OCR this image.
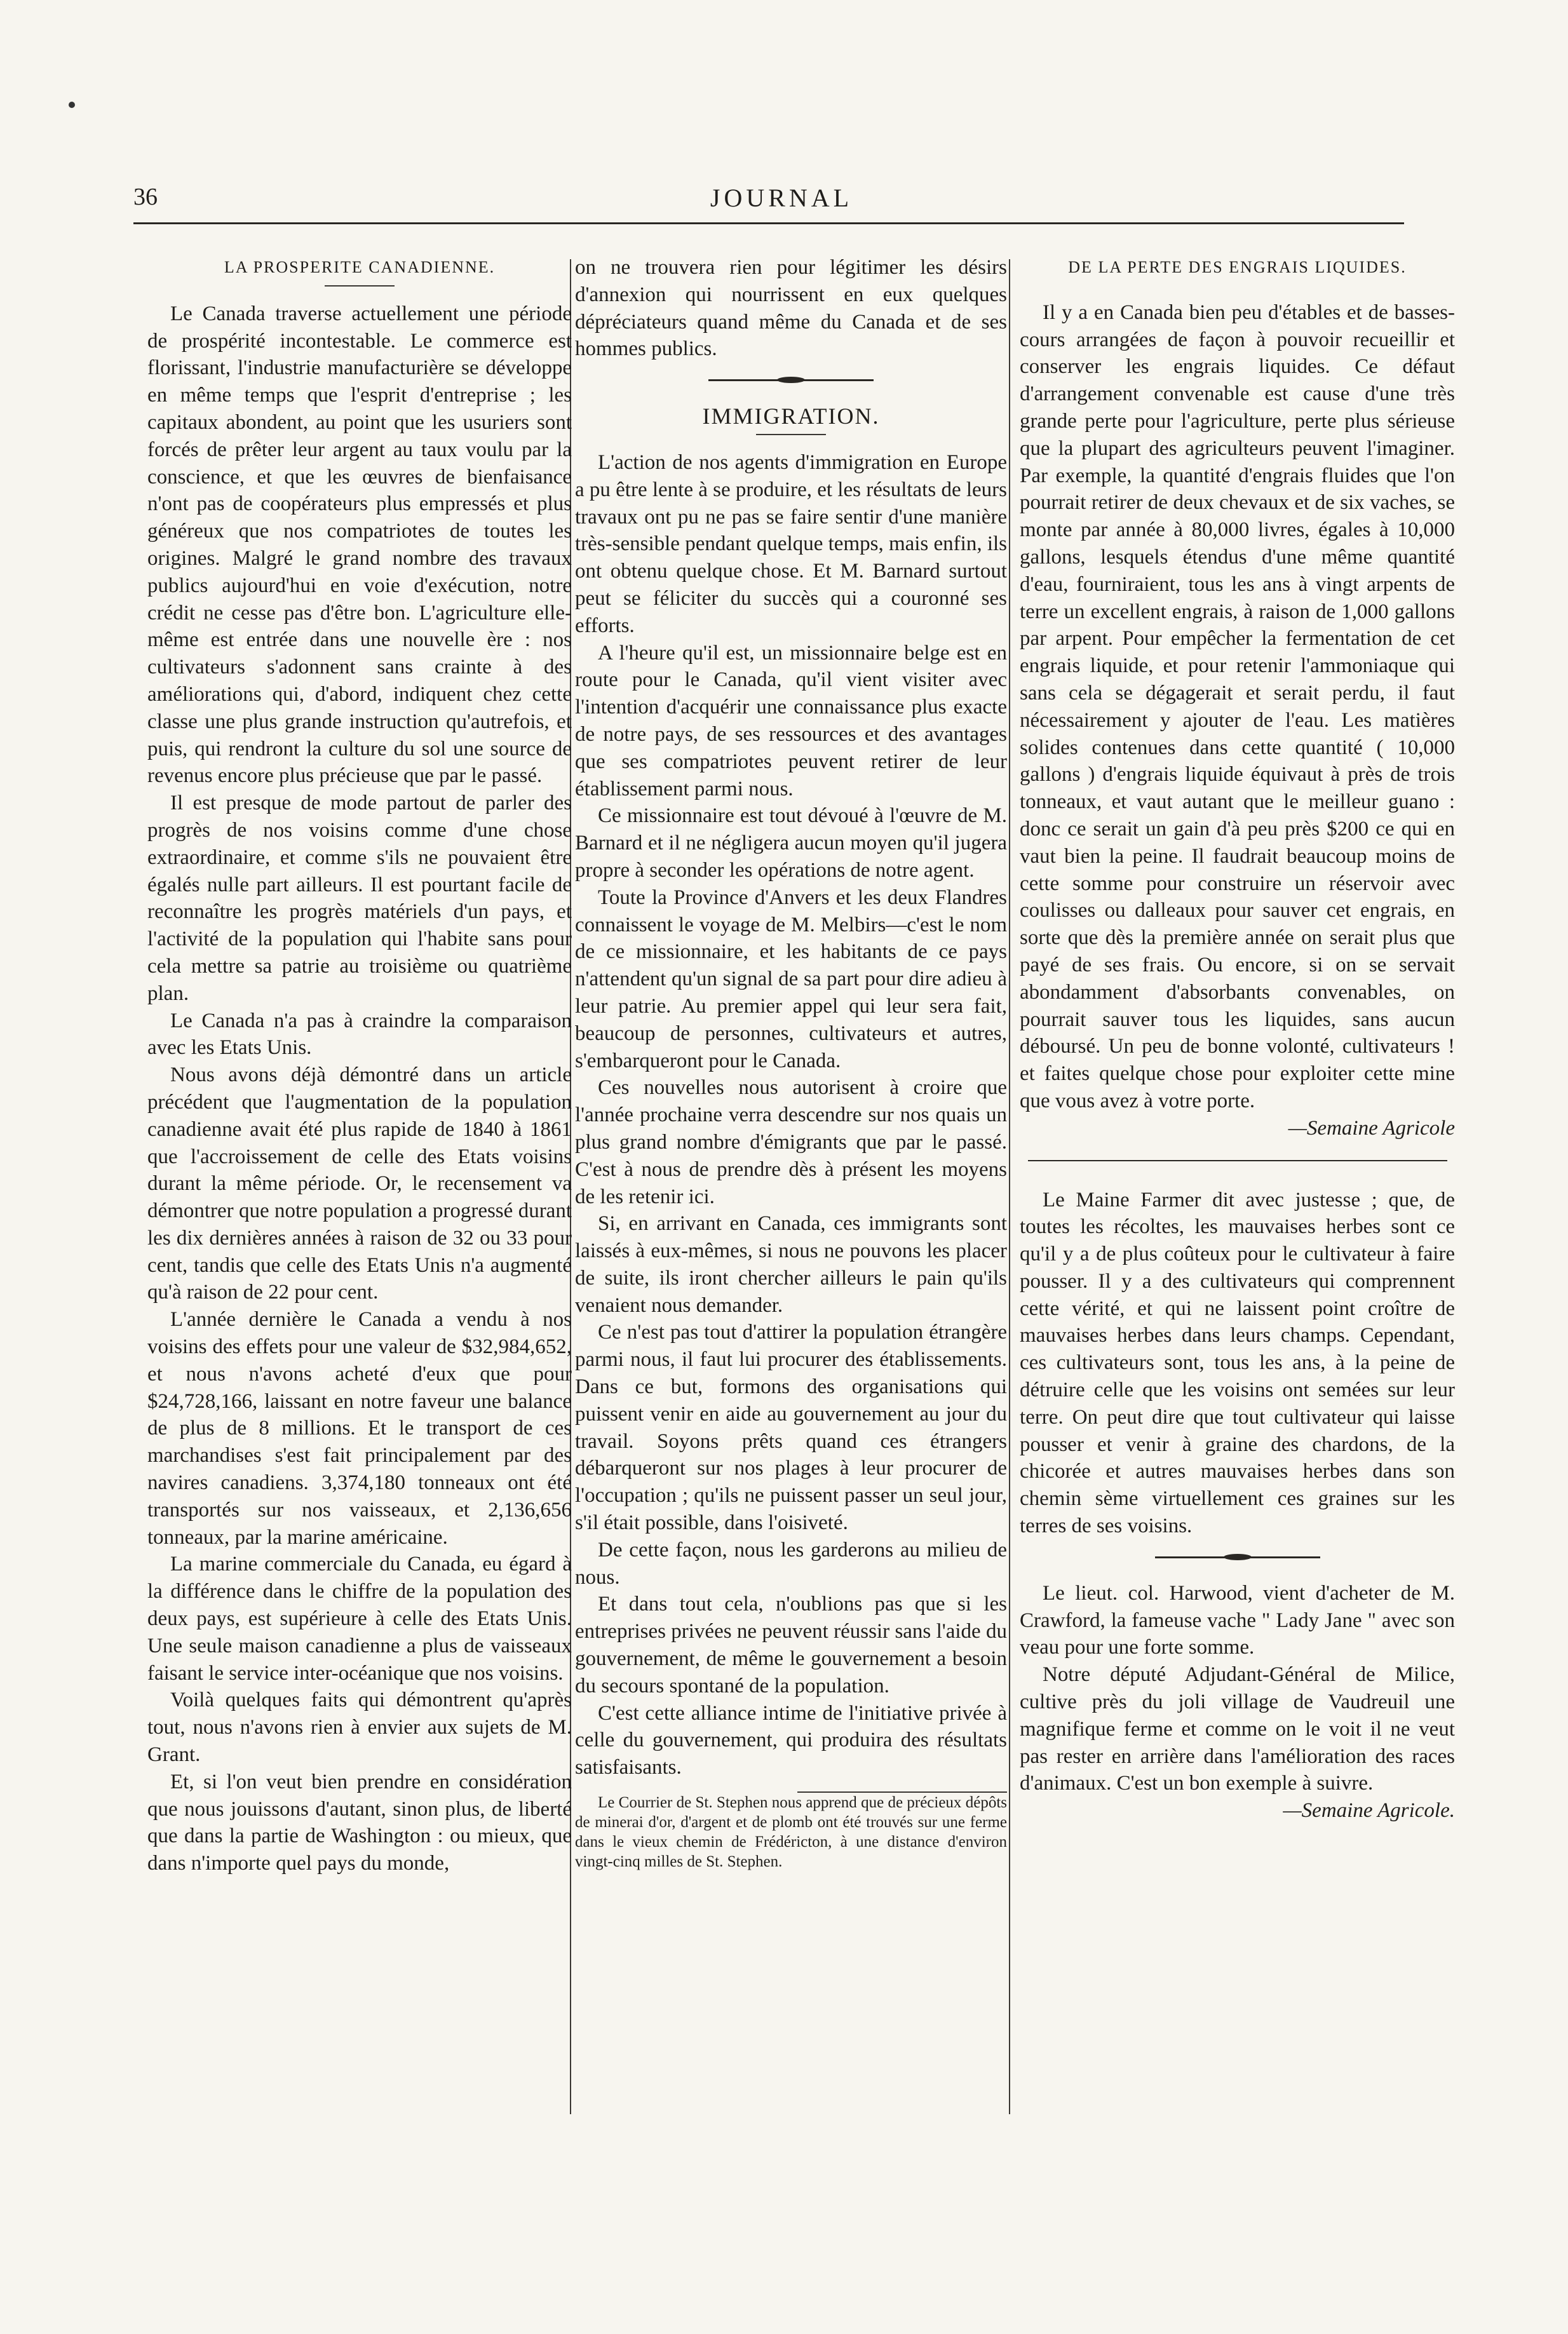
36	JOURNAL
LA PROSPERITE CANADIENNE.

Le Canada traverse actuellement une période de prospérité incontestable. Le commerce est florissant, l'industrie manufacturière se développe en même temps que l'esprit d'entreprise ; les capitaux abondent, au point que les usuriers sont forcés de prêter leur argent au taux voulu par la conscience, et que les œuvres de bienfaisance n'ont pas de coopérateurs plus empressés et plus généreux que nos compatriotes de toutes les origines. Malgré le grand nombre des travaux publics aujourd'hui en voie d'exécution, notre crédit ne cesse pas d'être bon. L'agriculture elle-même est entrée dans une nouvelle ère : nos cultivateurs s'adonnent sans crainte à des améliorations qui, d'abord, indiquent chez cette classe une plus grande instruction qu'autrefois, et puis, qui rendront la culture du sol une source de revenus encore plus précieuse que par le passé.

Il est presque de mode partout de parler des progrès de nos voisins comme d'une chose extraordinaire, et comme s'ils ne pouvaient être égalés nulle part ailleurs. Il est pourtant facile de reconnaître les progrès matériels d'un pays, et l'activité de la population qui l'habite sans pour cela mettre sa patrie au troisième ou quatrième plan.

Le Canada n'a pas à craindre la comparaison avec les Etats Unis.

Nous avons déjà démontré dans un article précédent que l'augmentation de la population canadienne avait été plus rapide de 1840 à 1861 que l'accroissement de celle des Etats voisins durant la même période. Or, le recensement va démontrer que notre population a progressé durant les dix dernières années à raison de 32 ou 33 pour cent, tandis que celle des Etats Unis n'a augmenté qu'à raison de 22 pour cent.

L'année dernière le Canada a vendu à nos voisins des effets pour une valeur de $32,984,652, et nous n'avons acheté d'eux que pour $24,728,166, laissant en notre faveur une balance de plus de 8 millions. Et le transport de ces marchandises s'est fait principalement par des navires canadiens. 3,374,180 tonneaux ont été transportés sur nos vaisseaux, et 2,136,656 tonneaux, par la marine américaine.

La marine commerciale du Canada, eu égard à la différence dans le chiffre de la population des deux pays, est supérieure à celle des Etats Unis. Une seule maison canadienne a plus de vaisseaux faisant le service inter-océanique que nos voisins.

Voilà quelques faits qui démontrent qu'après tout, nous n'avons rien à envier aux sujets de M. Grant.

Et, si l'on veut bien prendre en considération que nous jouissons d'autant, sinon plus, de liberté que dans la partie de Washington : ou mieux, que dans n'importe quel pays du monde,

on ne trouvera rien pour légitimer les désirs d'annexion qui nourrissent en eux quelques dépréciateurs quand même du Canada et de ses hommes publics.

IMMIGRATION.

L'action de nos agents d'immigration en Europe a pu être lente à se produire, et les résultats de leurs travaux ont pu ne pas se faire sentir d'une manière très-sensible pendant quelque temps, mais enfin, ils ont obtenu quelque chose. Et M. Barnard surtout peut se féliciter du succès qui a couronné ses efforts.

A l'heure qu'il est, un missionnaire belge est en route pour le Canada, qu'il vient visiter avec l'intention d'acquérir une connaissance plus exacte de notre pays, de ses ressources et des avantages que ses compatriotes peuvent retirer de leur établissement parmi nous.

Ce missionnaire est tout dévoué à l'œuvre de M. Barnard et il ne négligera aucun moyen qu'il jugera propre à seconder les opérations de notre agent.

Toute la Province d'Anvers et les deux Flandres connaissent le voyage de M. Melbirs—c'est le nom de ce missionnaire, et les habitants de ce pays n'attendent qu'un signal de sa part pour dire adieu à leur patrie. Au premier appel qui leur sera fait, beaucoup de personnes, cultivateurs et autres, s'embarqueront pour le Canada.

Ces nouvelles nous autorisent à croire que l'année prochaine verra descendre sur nos quais un plus grand nombre d'émigrants que par le passé. C'est à nous de prendre dès à présent les moyens de les retenir ici.

Si, en arrivant en Canada, ces immigrants sont laissés à eux-mêmes, si nous ne pouvons les placer de suite, ils iront chercher ailleurs le pain qu'ils venaient nous demander.

Ce n'est pas tout d'attirer la population étrangère parmi nous, il faut lui procurer des établissements. Dans ce but, formons des organisations qui puissent venir en aide au gouvernement au jour du travail. Soyons prêts quand ces étrangers débarqueront sur nos plages à leur procurer de l'occupation ; qu'ils ne puissent passer un seul jour, s'il était possible, dans l'oisiveté.

De cette façon, nous les garderons au milieu de nous.

Et dans tout cela, n'oublions pas que si les entreprises privées ne peuvent réussir sans l'aide du gouvernement, de même le gouvernement a besoin du secours spontané de la population.

C'est cette alliance intime de l'initiative privée à celle du gouvernement, qui produira des résultats satisfaisants.

Le Courrier de St. Stephen nous apprend que de précieux dépôts de minerai d'or, d'argent et de plomb ont été trouvés sur une ferme dans le vieux chemin de Frédéricton, à une distance d'environ vingt-cinq milles de St. Stephen.

DE LA PERTE DES ENGRAIS LIQUIDES.

Il y a en Canada bien peu d'étables et de basses-cours arrangées de façon à pouvoir recueillir et conserver les engrais liquides. Ce défaut d'arrangement convenable est cause d'une très grande perte pour l'agriculture, perte plus sérieuse que la plupart des agriculteurs peuvent l'imaginer. Par exemple, la quantité d'engrais fluides que l'on pourrait retirer de deux chevaux et de six vaches, se monte par année à 80,000 livres, égales à 10,000 gallons, lesquels étendus d'une même quantité d'eau, fourniraient, tous les ans à vingt arpents de terre un excellent engrais, à raison de 1,000 gallons par arpent. Pour empêcher la fermentation de cet engrais liquide, et pour retenir l'ammoniaque qui sans cela se dégagerait et serait perdu, il faut nécessairement y ajouter de l'eau. Les matières solides contenues dans cette quantité ( 10,000 gallons ) d'engrais liquide équivaut à près de trois tonneaux, et vaut autant que le meilleur guano : donc ce serait un gain d'à peu près $200 ce qui en vaut bien la peine. Il faudrait beaucoup moins de cette somme pour construire un réservoir avec coulisses ou dalleaux pour sauver cet engrais, en sorte que dès la première année on serait plus que payé de ses frais. Ou encore, si on se servait abondamment d'absorbants convenables, on pourrait sauver tous les liquides, sans aucun déboursé. Un peu de bonne volonté, cultivateurs ! et faites quelque chose pour exploiter cette mine que vous avez à votre porte.

—Semaine Agricole

Le Maine Farmer dit avec justesse ; que, de toutes les récoltes, les mauvaises herbes sont ce qu'il y a de plus coûteux pour le cultivateur à faire pousser. Il y a des cultivateurs qui comprennent cette vérité, et qui ne laissent point croître de mauvaises herbes dans leurs champs. Cependant, ces cultivateurs sont, tous les ans, à la peine de détruire celle que les voisins ont semées sur leur terre. On peut dire que tout cultivateur qui laisse pousser et venir à graine des chardons, de la chicorée et autres mauvaises herbes dans son chemin sème virtuellement ces graines sur les terres de ses voisins.

Le lieut. col. Harwood, vient d'acheter de M. Crawford, la fameuse vache " Lady Jane " avec son veau pour une forte somme.

Notre député Adjudant-Général de Milice, cultive près du joli village de Vaudreuil une magnifique ferme et comme on le voit il ne veut pas rester en arrière dans l'amélioration des races d'animaux. C'est un bon exemple à suivre.

—Semaine Agricole.
